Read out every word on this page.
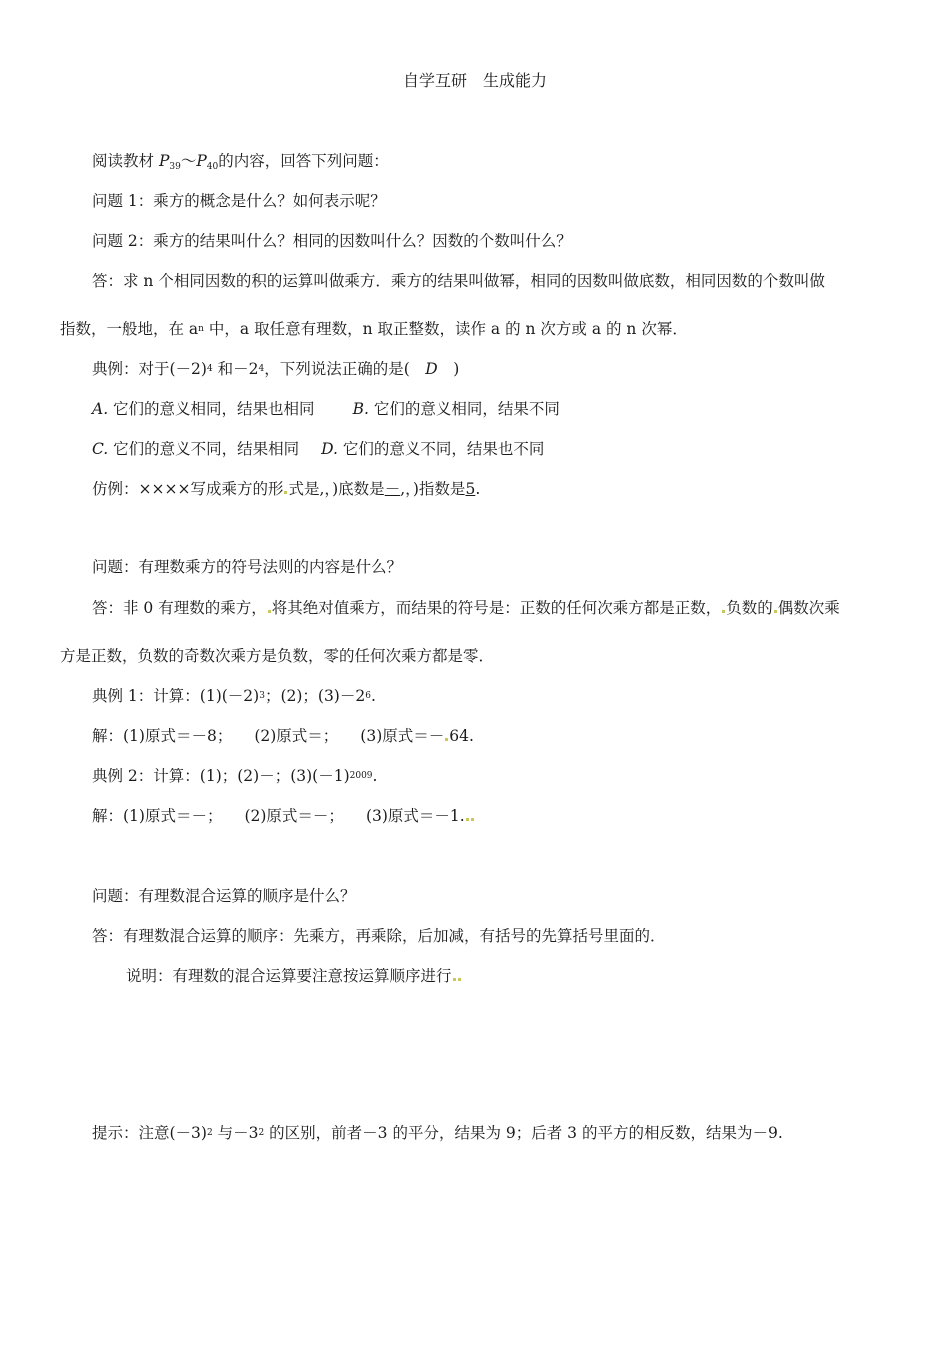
自学互研　生成能力
阅读教材 $P_{39}\sim P_{40}$的内容，回答下列问题：
问题 1：乘方的概念是什么？如何表示呢？
问题 2：乘方的结果叫什么？相同的因数叫什么？因数的个数叫什么？
答：求 n 个相同因数的积的运算叫做乘方．乘方的结果叫做幂，相同的因数叫做底数，相同因数的个数叫做
指数，一般地，在 $a^n$ 中，a 取任意有理数，n 取正整数，读作 a 的 n 次方或 a 的 n 次幂．
典例：对于$(-2)^4$ 和$-2^4$，下列说法正确的是(　D　)
A. 它们的意义相同，结果也相同 B. 它们的意义相同，结果不同
C. 它们的意义不同，结果相同 D. 它们的意义不同，结果也不同
仿例：××××写成乘方的形 式是,，)底数是－,，)指数是5.
问题：有理数乘方的符号法则的内容是什么？
答：非 0 有理数的乘方， 将其绝对值乘方，而结果的符号是：正数的任何次乘方都是正数， 负数的 偶数次乘
方是正数，负数的奇数次乘方是负数，零的任何次乘方都是零．
典例 1：计算：$(1)(-2)^3$；(2)；$(3)-2^6$.
解：(1)原式＝－8； (2)原式＝； (3)原式＝－ 64.
典例 2：计算：(1)；(2)－；$(3)(-1)^{2009}$.
解：(1)原式＝－； (2)原式＝－； (3)原式＝－1.
问题：有理数混合运算的顺序是什么？
答：有理数混合运算的顺序：先乘方，再乘除，后加减，有括号的先算括号里面的．
说明：有理数的混合运算要注意按运算顺序进行
提示：注意$(-3)^2$ 与$-3^2$ 的区别，前者－3 的平分，结果为 9；后者 3 的平方的相反数，结果为－9.
